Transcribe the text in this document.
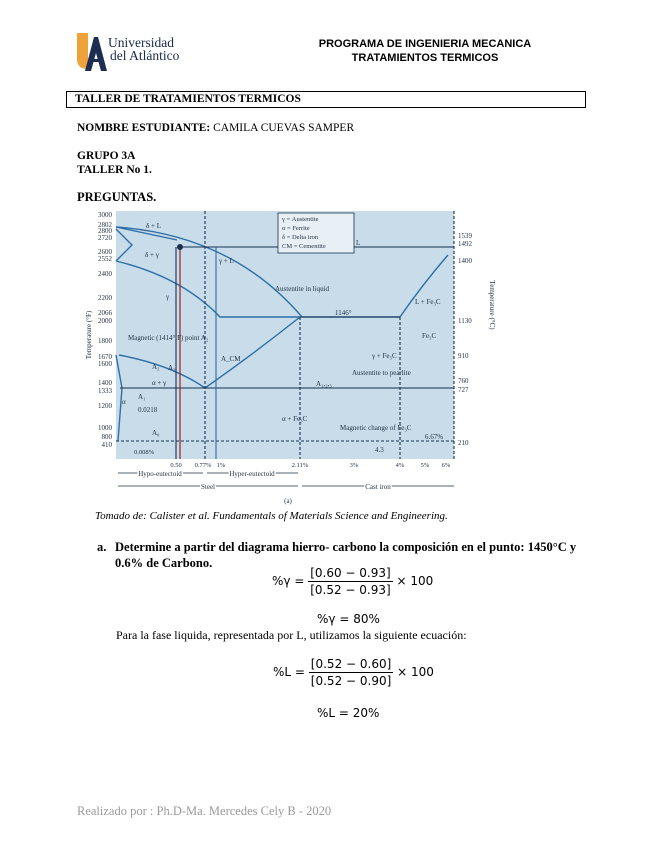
Universidad
del Atlántico
PROGRAMA DE INGENIERIA MECANICA
TRATAMIENTOS TERMICOS
TALLER DE TRATAMIENTOS TERMICOS
NOMBRE ESTUDIANTE: CAMILA CUEVAS SAMPER
GRUPO 3A
TALLER No 1.
PREGUNTAS.
3000
2802
2800
2720
2600
2552
2400
2200
2066
2000
1800
1670
1600
1400
1333
1200
1000
800
410
1539
1492
1400
1130
910
760
727
210
Temperature (°F)
Temperature (°C)
γ = Austentite
α = Ferrite
δ = Delta iron
CM = Cementite
δ + L
δ + γ
γ + L
L
γ
Austentite in liquid
L + Fe₃C
1146°
Fe₃C
Magnetic (1414° F) point A₂
γ + Fe₃C
A_CM
A₂ A₃
α + γ
Austentite to pearlite
A₁,₂,₃
α
A₁
0.0218
α + Fe₃C
Magnetic change of Fe₃C
A₀
4.3
6.67%
0.008%
0.50 0.77% 1%	2.11%	3%	4%	5% 6%
Hypo-eutectoid	Hyper-eutectoid
Steel	Cast iron
(a)
Tomado de: Calister et al. Fundamentals of Materials Science and Engineering.
a. Determine a partir del diagrama hierro- carbono la composición en el punto: 1450°C y 0.6% de Carbono.
$\%\gamma = \frac{[0.60 - 0.93]}{[0.52 - 0.93]} \times 100$
%γ = 80%
Para la fase liquida, representada por L, utilizamos la siguiente ecuación:
$\%L = \frac{[0.52 - 0.60]}{[0.52 - 0.90]} \times 100$
%L = 20%
Realizado por : Ph.D-Ma. Mercedes Cely B - 2020
